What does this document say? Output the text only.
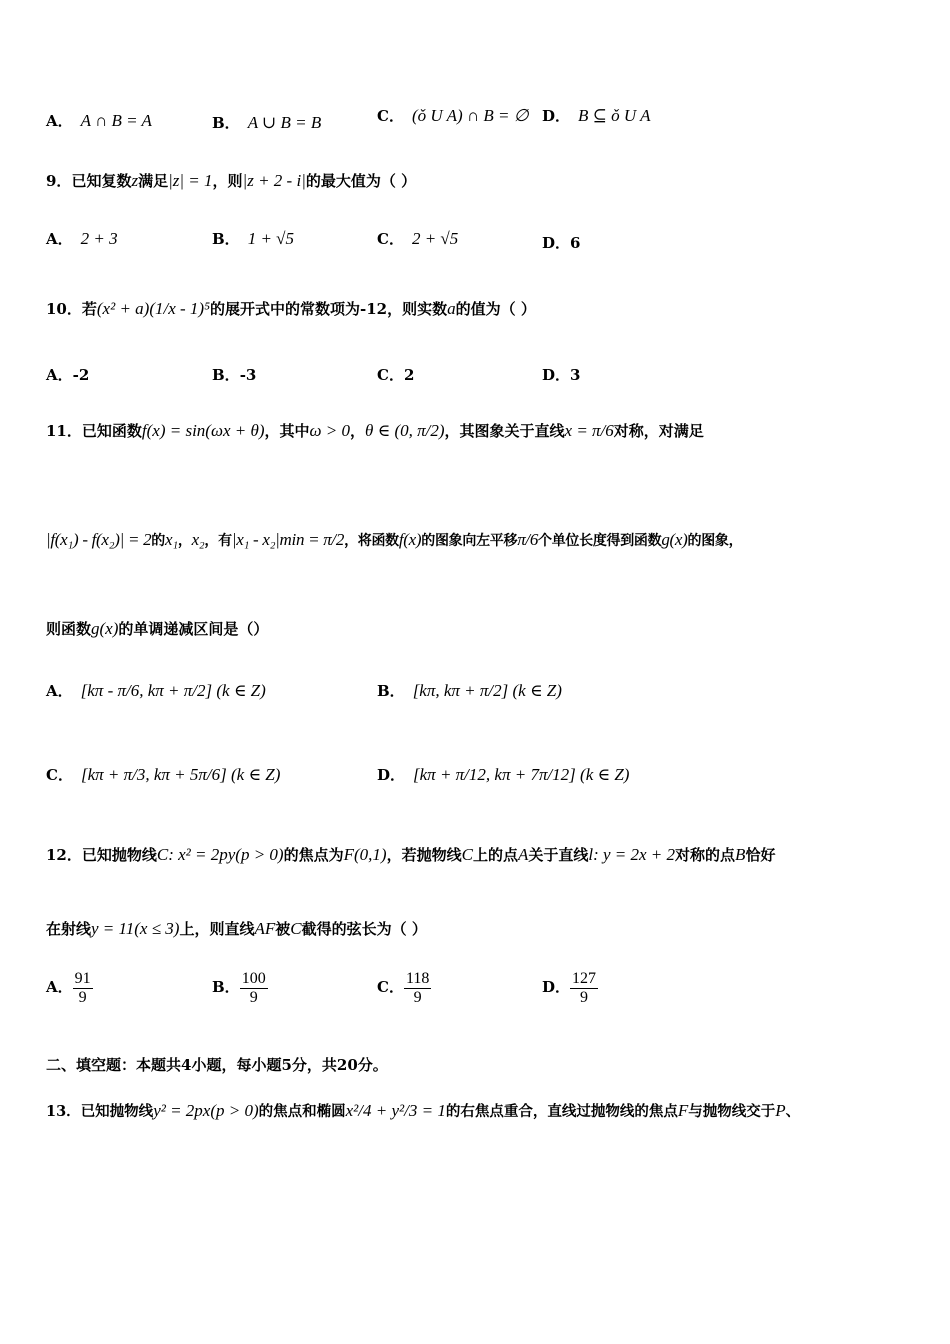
A． A ∩ B = A	B． A ∪ B = B	C． (ǒ U A) ∩ B = ∅ D． B ⊆ ǒ U A
9．已知复数z满足|z| = 1，则|z + 2 - i|的最大值为（ ）
A． 2 + 3	B． 1 + √5	C． 2 + √5	D．6
10．若(x² + a)(1/x - 1)⁵的展开式中的常数项为-12，则实数a的值为（ ）
A．-2	B．-3	C．2	D．3
11．已知函数f(x) = sin(ωx + θ)，其中ω > 0，θ ∈ (0, π/2)，其图象关于直线x = π/6对称，对满足
|f(x₁) - f(x₂)| = 2的x₁，x₂，有|x₁ - x₂|min = π/2，将函数f(x)的图象向左平移π/6个单位长度得到函数g(x)的图象，
则函数g(x)的单调递减区间是（）
A． [kπ - π/6, kπ + π/2] (k ∈ Z)	B． [kπ, kπ + π/2] (k ∈ Z)
C． [kπ + π/3, kπ + 5π/6] (k ∈ Z)	D． [kπ + π/12, kπ + 7π/12] (k ∈ Z)
12．已知抛物线C: x² = 2py(p > 0)的焦点为F(0,1)，若抛物线C上的点A关于直线l: y = 2x + 2对称的点B恰好
在射线y = 11(x ≤ 3)上，则直线AF被C截得的弦长为（ ）
A． $\frac{91}{9}$	B． $\frac{100}{9}$	C． $\frac{118}{9}$	D． $\frac{127}{9}$
二、填空题：本题共4小题，每小题5分，共20分。
13．已知抛物线y² = 2px(p > 0)的焦点和椭圆x²/4 + y²/3 = 1的右焦点重合，直线过抛物线的焦点F与抛物线交于P、
